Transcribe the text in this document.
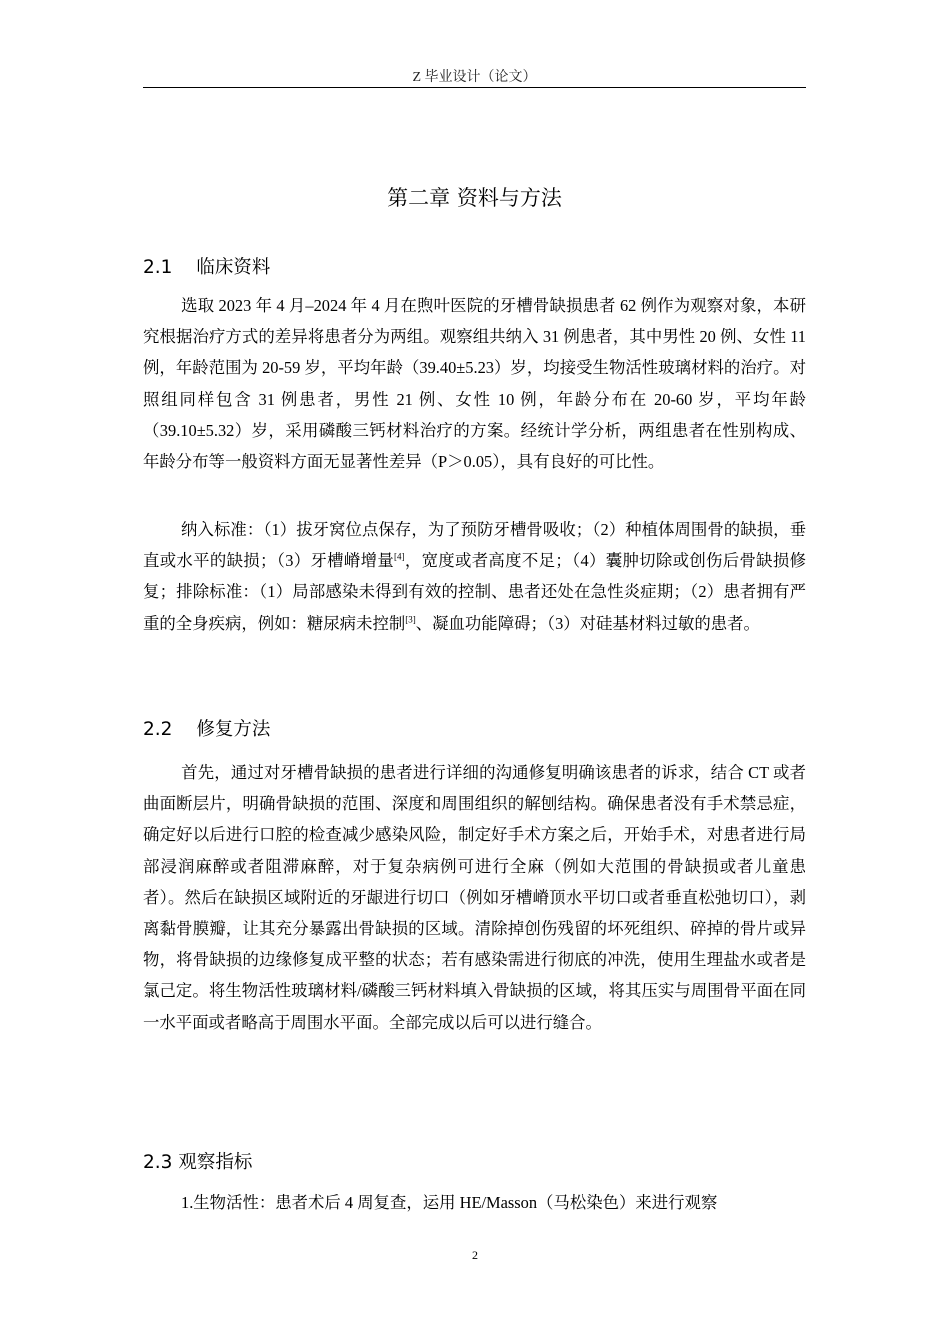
Z 毕业设计（论文）
第二章 资料与方法
2.1 临床资料

选取 2023 年 4 月–2024 年 4 月在煦叶医院的牙槽骨缺损患者 62 例作为观察对象，本研究根据治疗方式的差异将患者分为两组。观察组共纳入 31 例患者，其中男性 20 例、女性 11 例，年龄范围为 20-59 岁，平均年龄（39.40±5.23）岁，均接受生物活性玻璃材料的治疗。对照组同样包含 31 例患者，男性 21 例、女性 10 例，年龄分布在 20-60 岁，平均年龄（39.10±5.32）岁，采用磷酸三钙材料治疗的方案。经统计学分析，两组患者在性别构成、年龄分布等一般资料方面无显著性差异（P＞0.05），具有良好的可比性。

纳入标准：（1）拔牙窝位点保存，为了预防牙槽骨吸收；（2）种植体周围骨的缺损，垂直或水平的缺损；（3）牙槽嵴增量[4]，宽度或者高度不足；（4）囊肿切除或创伤后骨缺损修复；排除标准：（1）局部感染未得到有效的控制、患者还处在急性炎症期；（2）患者拥有严重的全身疾病，例如：糖尿病未控制[3]、凝血功能障碍；（3）对硅基材料过敏的患者。

2.2 修复方法

首先，通过对牙槽骨缺损的患者进行详细的沟通修复明确该患者的诉求，结合 CT 或者曲面断层片，明确骨缺损的范围、深度和周围组织的解刨结构。确保患者没有手术禁忌症，确定好以后进行口腔的检查减少感染风险，制定好手术方案之后，开始手术，对患者进行局部浸润麻醉或者阻滞麻醉，对于复杂病例可进行全麻（例如大范围的骨缺损或者儿童患者）。然后在缺损区域附近的牙龈进行切口（例如牙槽嵴顶水平切口或者垂直松弛切口），剥离黏骨膜瓣，让其充分暴露出骨缺损的区域。清除掉创伤残留的坏死组织、碎掉的骨片或异物，将骨缺损的边缘修复成平整的状态；若有感染需进行彻底的冲洗，使用生理盐水或者是氯己定。将生物活性玻璃材料/磷酸三钙材料填入骨缺损的区域，将其压实与周围骨平面在同一水平面或者略高于周围水平面。全部完成以后可以进行缝合。

2.3 观察指标

1.生物活性：患者术后 4 周复查，运用 HE/Masson（马松染色）来进行观察

2
